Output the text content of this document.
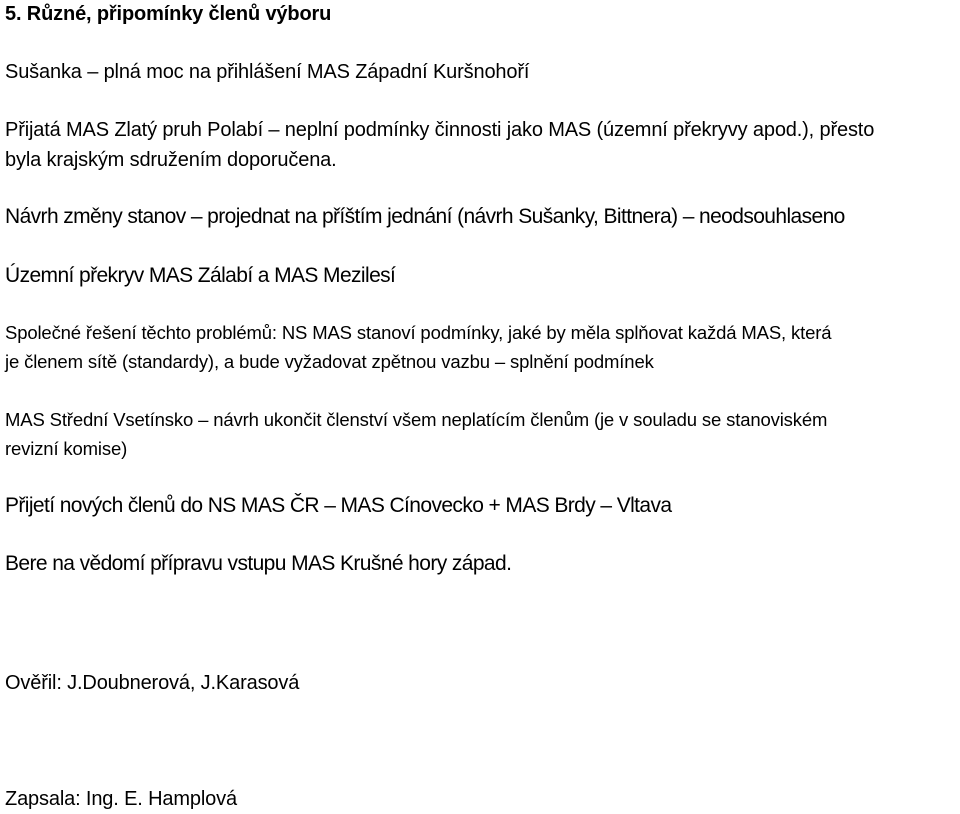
5. Různé, připomínky členů výboru

Sušanka – plná moc na přihlášení MAS Západní Kuršnohoří

Přijatá MAS Zlatý pruh Polabí – neplní podmínky činnosti jako MAS (územní překryvy apod.), přesto

byla krajským sdružením doporučena.

Návrh změny stanov – projednat na příštím jednání (návrh Sušanky, Bittnera) – neodsouhlaseno

Územní překryv MAS Zálabí a MAS Mezilesí

Společné řešení těchto problémů: NS MAS stanoví podmínky, jaké by měla splňovat každá MAS, která

je členem sítě (standardy), a bude vyžadovat zpětnou vazbu – splnění podmínek

MAS Střední Vsetínsko – návrh ukončit členství všem neplatícím členům (je v souladu se stanoviském

revizní komise)

Přijetí nových členů do NS MAS ČR – MAS Cínovecko + MAS Brdy – Vltava

Bere na vědomí přípravu vstupu MAS Krušné hory západ.

Ověřil: J.Doubnerová, J.Karasová

Zapsala: Ing. E. Hamplová
